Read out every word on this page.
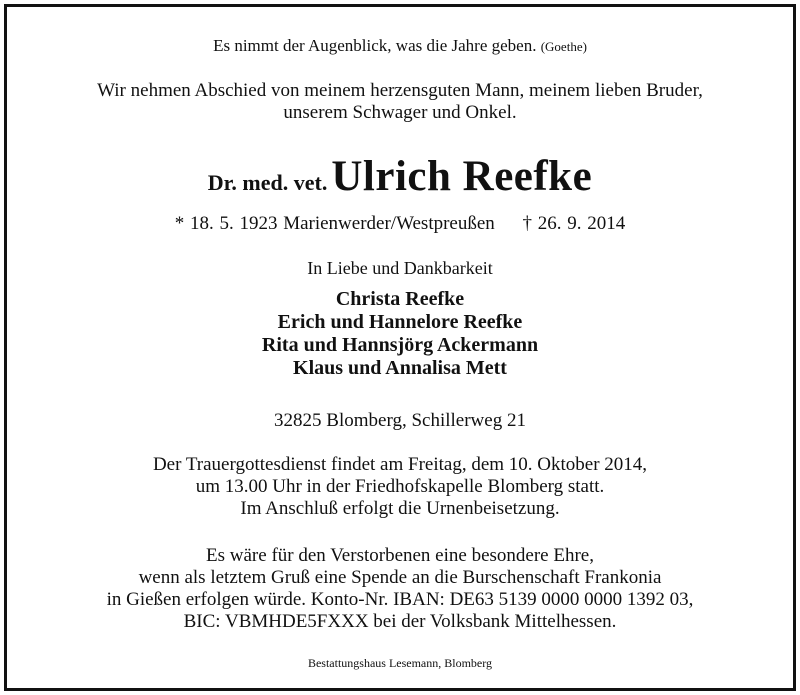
Es nimmt der Augenblick, was die Jahre geben. (Goethe)
Wir nehmen Abschied von meinem herzensguten Mann, meinem lieben Bruder,
unserem Schwager und Onkel.
Dr. med. vet. Ulrich Reefke
* 18. 5. 1923 Marienwerder/Westpreußen † 26. 9. 2014
In Liebe und Dankbarkeit
Christa Reefke
Erich und Hannelore Reefke
Rita und Hannsjörg Ackermann
Klaus und Annalisa Mett
32825 Blomberg, Schillerweg 21
Der Trauergottesdienst findet am Freitag, dem 10. Oktober 2014,
um 13.00 Uhr in der Friedhofskapelle Blomberg statt.
Im Anschluß erfolgt die Urnenbeisetzung.
Es wäre für den Verstorbenen eine besondere Ehre,
wenn als letztem Gruß eine Spende an die Burschenschaft Frankonia
in Gießen erfolgen würde. Konto-Nr. IBAN: DE63 5139 0000 0000 1392 03,
BIC: VBMHDE5FXXX bei der Volksbank Mittelhessen.
Bestattungshaus Lesemann, Blomberg
